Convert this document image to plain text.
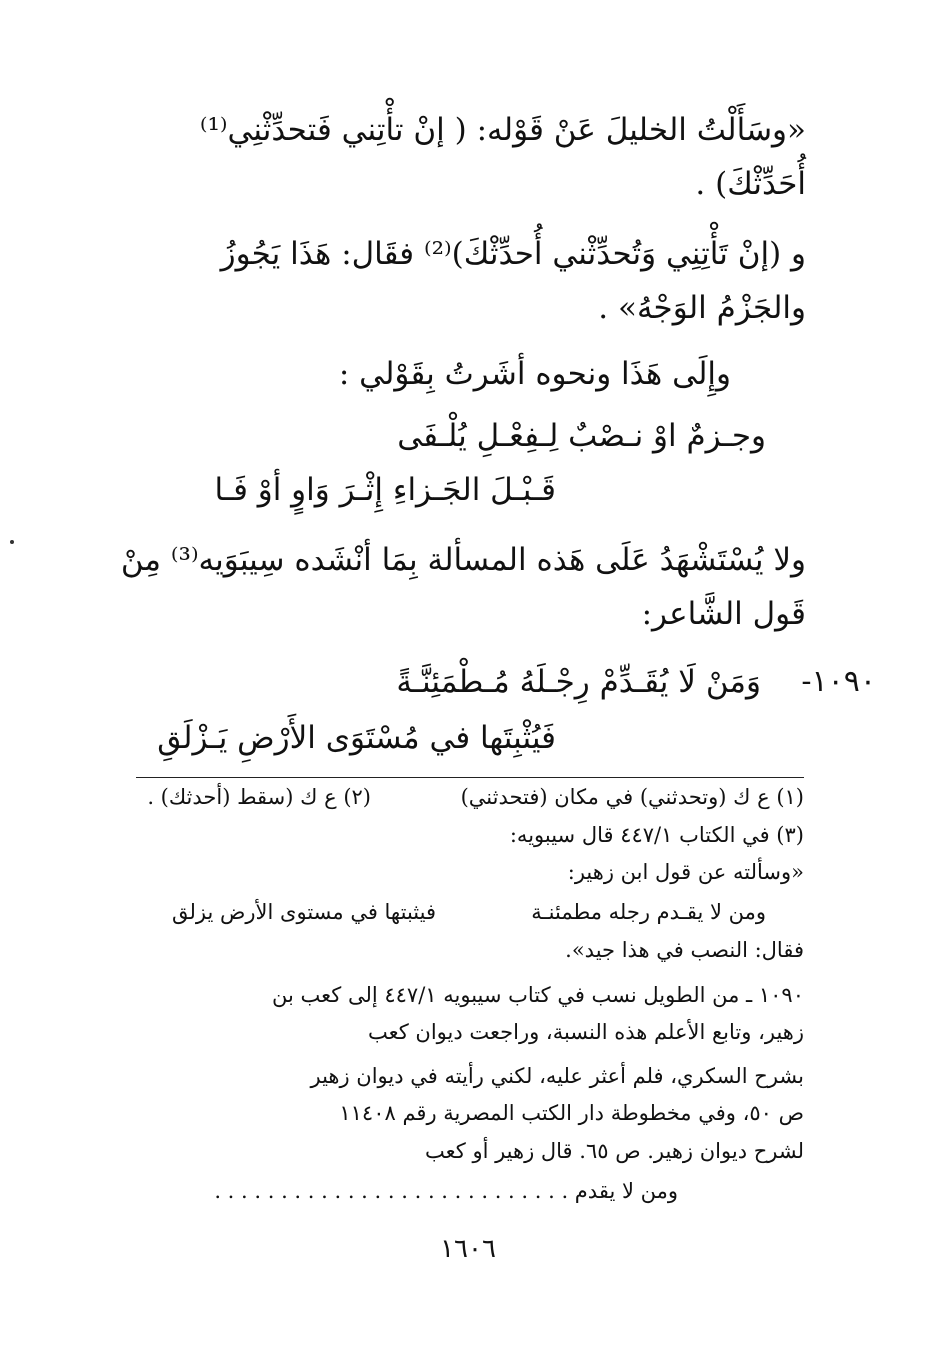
«وسَأَلْتُ الخليلَ عَنْ قَوْله: ( إنْ تأْتِني فَتحدِّثْنِي⁽¹⁾

أُحَدِّثْكَ) .

و (إنْ تَأْتِنِي وَتُحدِّثْني أُحدِّثْكَ)⁽²⁾ فقَال: هَذَا يَجُوزُ

والجَزْمُ الوَجْهُ» .

وإِلَى هَذَا ونحوه أشَرتُ بِقَوْلي :

وجـزمٌ اوْ نـصْبٌ لِـفِعْـلِ يُلْـفَى

قَـبْـلَ الجَـزاءِ إِثْـرَ وَاوٍ أوْ فَـا

ولا يُسْتَشْهَدُ عَلَى هَذه المسألة بِمَا أنْشَده سِيبَوَيه⁽³⁾ مِنْ

قَول الشَّاعر:

١٠٩٠-

وَمَنْ لَا يُقَـدِّمْ رِجْـلَهُ مُـطْمَئِنَّـةً

فَيُثْبِتَها في مُسْتَوَى الأَرْضِ يَـزْلَقِ

(١) ع ك (وتحدثني) في مكان (فتحدثني)

(٢) ع ك (سقط (أحدثك) .

(٣) في الكتاب ٤٤٧/١ قال سيبويه:

«وسألته عن قول ابن زهير:

ومن لا يقـدم رجله مطمئنـة

فيثبتها في مستوى الأرض يزلق

فقال: النصب في هذا جيد».

١٠٩٠ ـ من الطويل نسب في كتاب سيبويه ٤٤٧/١ إلى كعب بن

زهير، وتابع الأعلم هذه النسبة، وراجعت ديوان كعب

بشرح السكري، فلم أعثر عليه، لكني رأيته في ديوان زهير

ص ٥٠، وفي مخطوطة دار الكتب المصرية رقم ١١٤٠٨

لشرح ديوان زهير. ص ٦٥. قال زهير أو كعب

ومن لا يقدم . . . . . . . . . . . . . . . . . . . . . . . . . . .

١٦٠٦
